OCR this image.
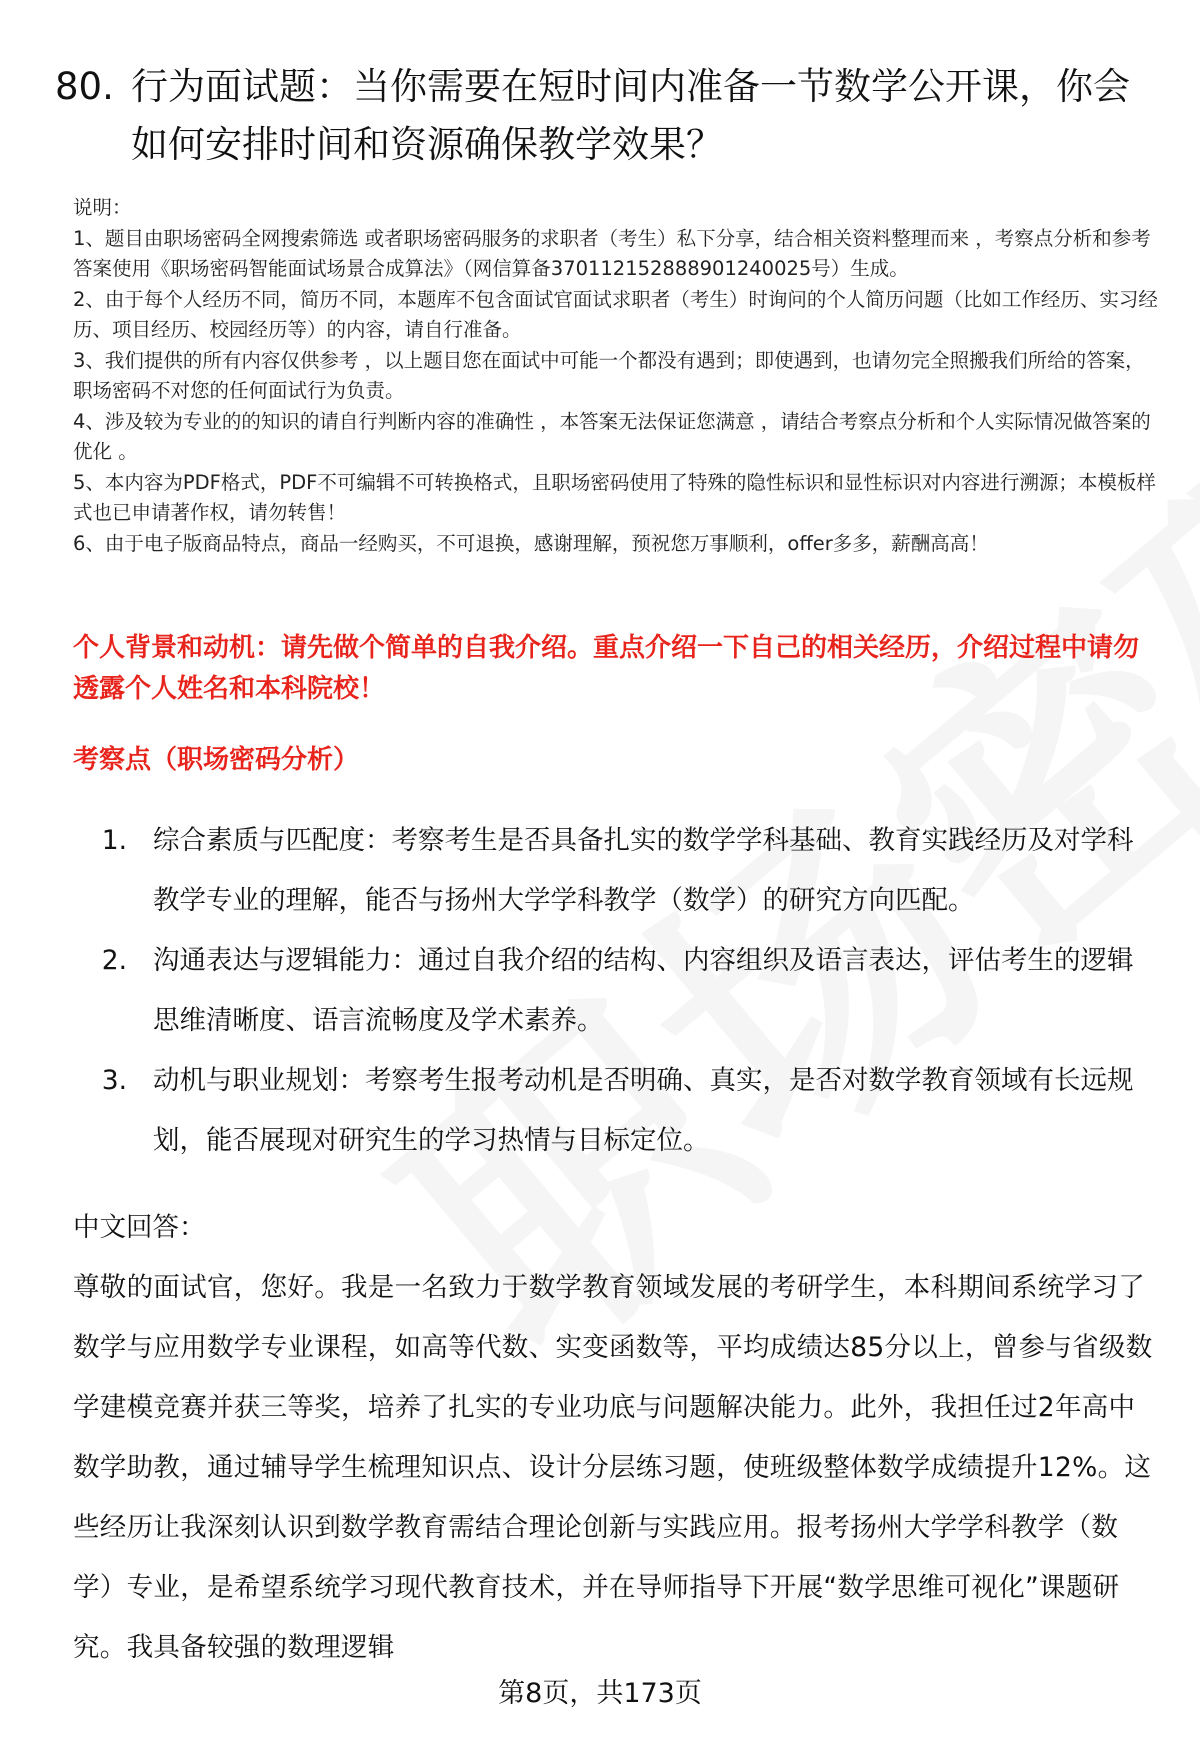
80. 行为面试题：当你需要在短时间内准备一节数学公开课，你会如何安排时间和资源确保教学效果？

说明：

1、题目由职场密码全网搜索筛选 或者职场密码服务的求职者（考生）私下分享，结合相关资料整理而来 ，考察点分析和参考答案使用《职场密码智能面试场景合成算法》（网信算备370112152888901240025号）生成。

2、由于每个人经历不同，简历不同，本题库不包含面试官面试求职者（考生）时询问的个人简历问题（比如工作经历、实习经历、项目经历、校园经历等）的内容，请自行准备。

3、我们提供的所有内容仅供参考 ，以上题目您在面试中可能一个都没有遇到；即使遇到，也请勿完全照搬我们所给的答案，职场密码不对您的任何面试行为负责。

4、涉及较为专业的的知识的请自行判断内容的准确性 ，本答案无法保证您满意 ，请结合考察点分析和个人实际情况做答案的优化 。

5、本内容为PDF格式，PDF不可编辑不可转换格式，且职场密码使用了特殊的隐性标识和显性标识对内容进行溯源；本模板样式也已申请著作权，请勿转售！

6、由于电子版商品特点，商品一经购买，不可退换，感谢理解，预祝您万事顺利，offer多多，薪酬高高！

个人背景和动机：请先做个简单的自我介绍。重点介绍一下自己的相关经历，介绍过程中请勿透露个人姓名和本科院校！
考察点（职场密码分析）
1. 综合素质与匹配度：考察考生是否具备扎实的数学学科基础、教育实践经历及对学科教学专业的理解，能否与扬州大学学科教学（数学）的研究方向匹配。
2. 沟通表达与逻辑能力：通过自我介绍的结构、内容组织及语言表达，评估考生的逻辑思维清晰度、语言流畅度及学术素养。
3. 动机与职业规划：考察考生报考动机是否明确、真实，是否对数学教育领域有长远规划，能否展现对研究生的学习热情与目标定位。
中文回答：
尊敬的面试官，您好。我是一名致力于数学教育领域发展的考研学生，本科期间系统学习了数学与应用数学专业课程，如高等代数、实变函数等，平均成绩达85分以上，曾参与省级数学建模竞赛并获三等奖，培养了扎实的专业功底与问题解决能力。此外，我担任过2年高中数学助教，通过辅导学生梳理知识点、设计分层练习题，使班级整体数学成绩提升12%。这些经历让我深刻认识到数学教育需结合理论创新与实践应用。报考扬州大学学科教学（数学）专业，是希望系统学习现代教育技术，并在导师指导下开展“数学思维可视化”课题研究。我具备较强的数理逻辑
第8页，共173页
